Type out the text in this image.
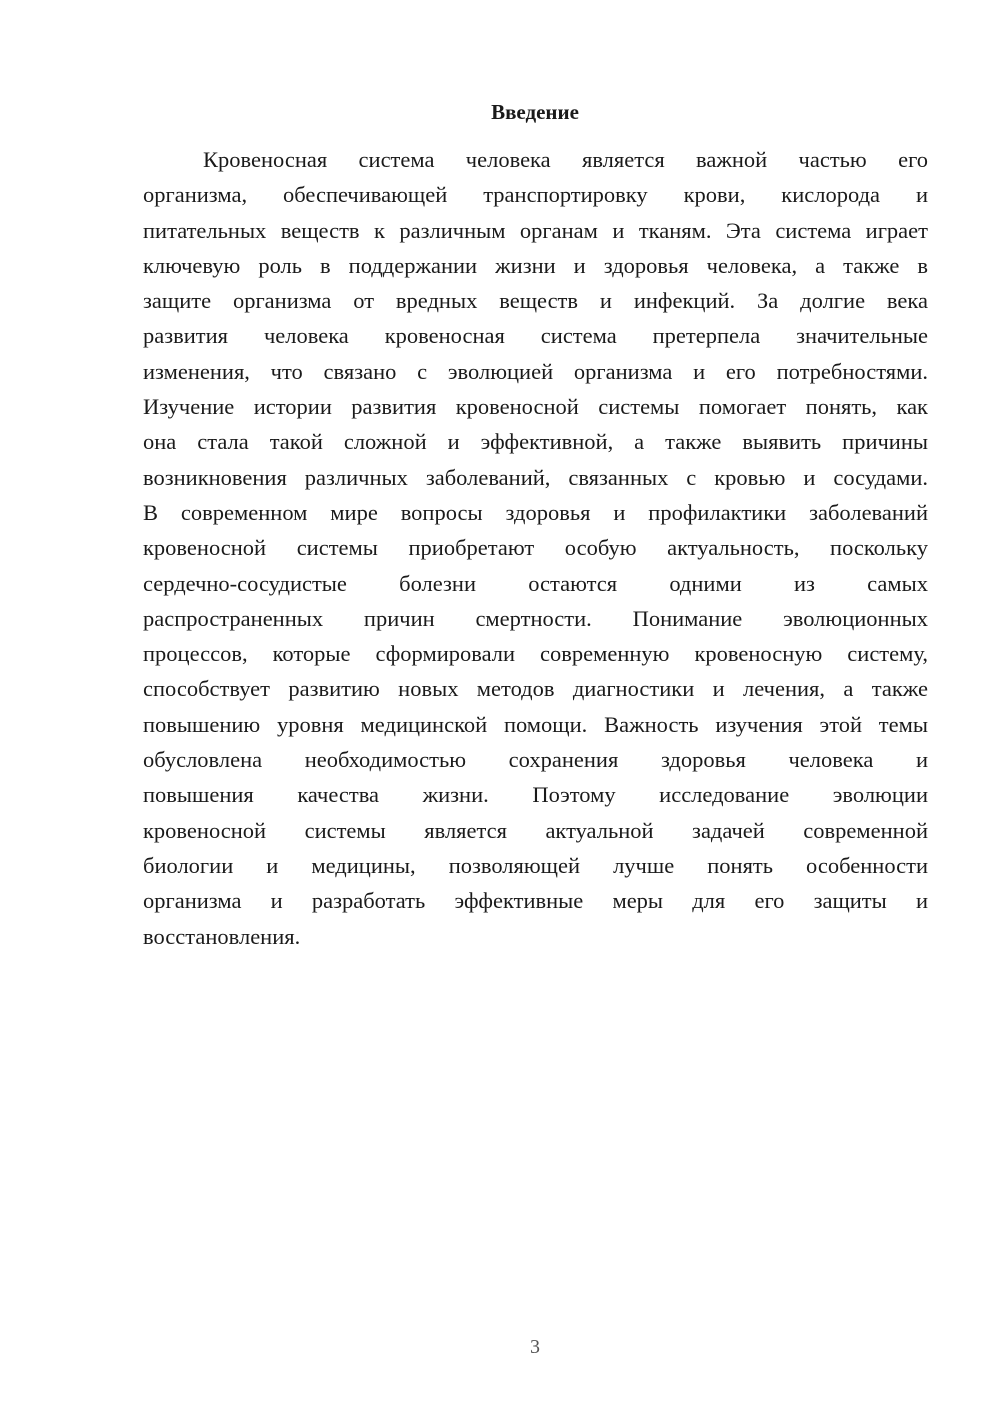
Введение
Кровеносная система человека является важной частью его
организма, обеспечивающей транспортировку крови, кислорода и
питательных веществ к различным органам и тканям. Эта система играет
ключевую роль в поддержании жизни и здоровья человека, а также в
защите организма от вредных веществ и инфекций. За долгие века
развития человека кровеносная система претерпела значительные
изменения, что связано с эволюцией организма и его потребностями.
Изучение истории развития кровеносной системы помогает понять, как
она стала такой сложной и эффективной, а также выявить причины
возникновения различных заболеваний, связанных с кровью и сосудами.
В современном мире вопросы здоровья и профилактики заболеваний
кровеносной системы приобретают особую актуальность, поскольку
сердечно-сосудистые болезни остаются одними из самых
распространенных причин смертности. Понимание эволюционных
процессов, которые сформировали современную кровеносную систему,
способствует развитию новых методов диагностики и лечения, а также
повышению уровня медицинской помощи. Важность изучения этой темы
обусловлена необходимостью сохранения здоровья человека и
повышения качества жизни. Поэтому исследование эволюции
кровеносной системы является актуальной задачей современной
биологии и медицины, позволяющей лучше понять особенности
организма и разработать эффективные меры для его защиты и
восстановления.
3
